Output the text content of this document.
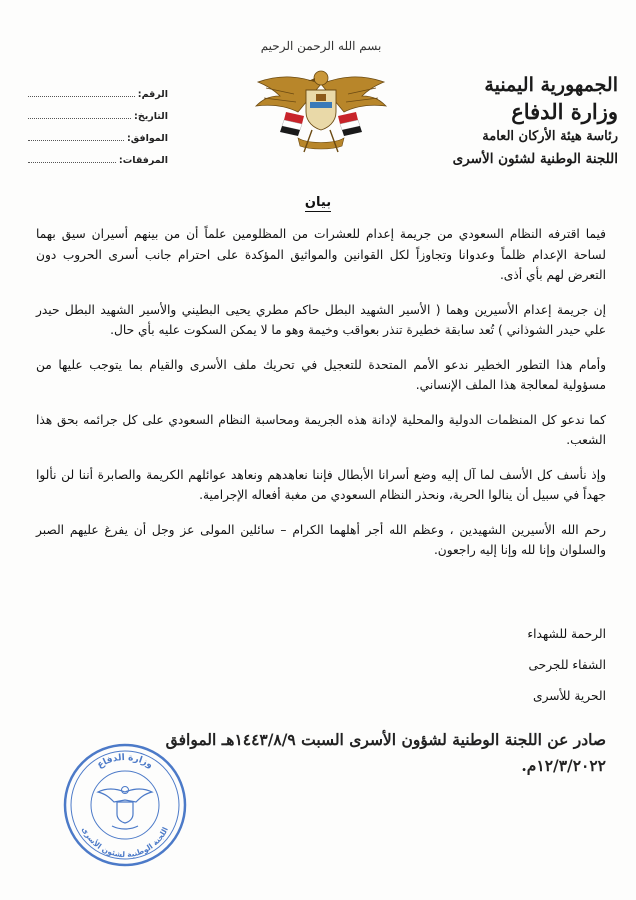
الجمهورية اليمنية
وزارة الدفاع
رئاسة هيئة الأركان العامة
اللجنة الوطنية لشئون الأسرى
بسم الله الرحمن الرحيم
الرقم:
التاريخ:
الموافق:
المرفقات:
بيان

فيما اقترفه النظام السعودي من جريمة إعدام للعشرات من المظلومين علماً أن من بينهم أسيران سيق بهما لساحة الإعدام ظلماً وعدوانا وتجاوزاً لكل القوانين والمواثيق المؤكدة على احترام جانب أسرى الحروب دون التعرض لهم بأي أذى.

إن جريمة إعدام الأسيرين وهما ( الأسير الشهيد البطل حاكم مطري يحيى البطيني والأسير الشهيد البطل حيدر علي حيدر الشوذاني ) تُعد سابقة خطيرة تنذر بعواقب وخيمة وهو ما لا يمكن السكوت عليه بأي حال.

وأمام هذا التطور الخطير ندعو الأمم المتحدة للتعجيل في تحريك ملف الأسرى والقيام بما يتوجب عليها من مسؤولية لمعالجة هذا الملف الإنساني.

كما ندعو كل المنظمات الدولية والمحلية لإدانة هذه الجريمة ومحاسبة النظام السعودي على كل جرائمه بحق هذا الشعب.

وإذ نأسف كل الأسف لما آل إليه وضع أسرانا الأبطال فإننا نعاهدهم ونعاهد عوائلهم الكريمة والصابرة أننا لن نألوا جهداً في سبيل أن ينالوا الحرية، ونحذر النظام السعودي من مغبة أفعاله الإجرامية.

رحم الله الأسيرين الشهيدين ، وعظم الله أجر أهلهما الكرام – سائلين المولى عز وجل أن يفرغ عليهم الصبر والسلوان وإنا لله وإنا إليه راجعون.

الرحمة للشهداء
الشفاء للجرحى
الحرية للأسرى
صادر عن اللجنة الوطنية لشؤون الأسرى السبت ١٤٤٣/٨/٩هـ الموافق
١٢/٣/٢٠٢٢م.
وزارة الدفاع
اللجنة الوطنية لشئون الأسرى
